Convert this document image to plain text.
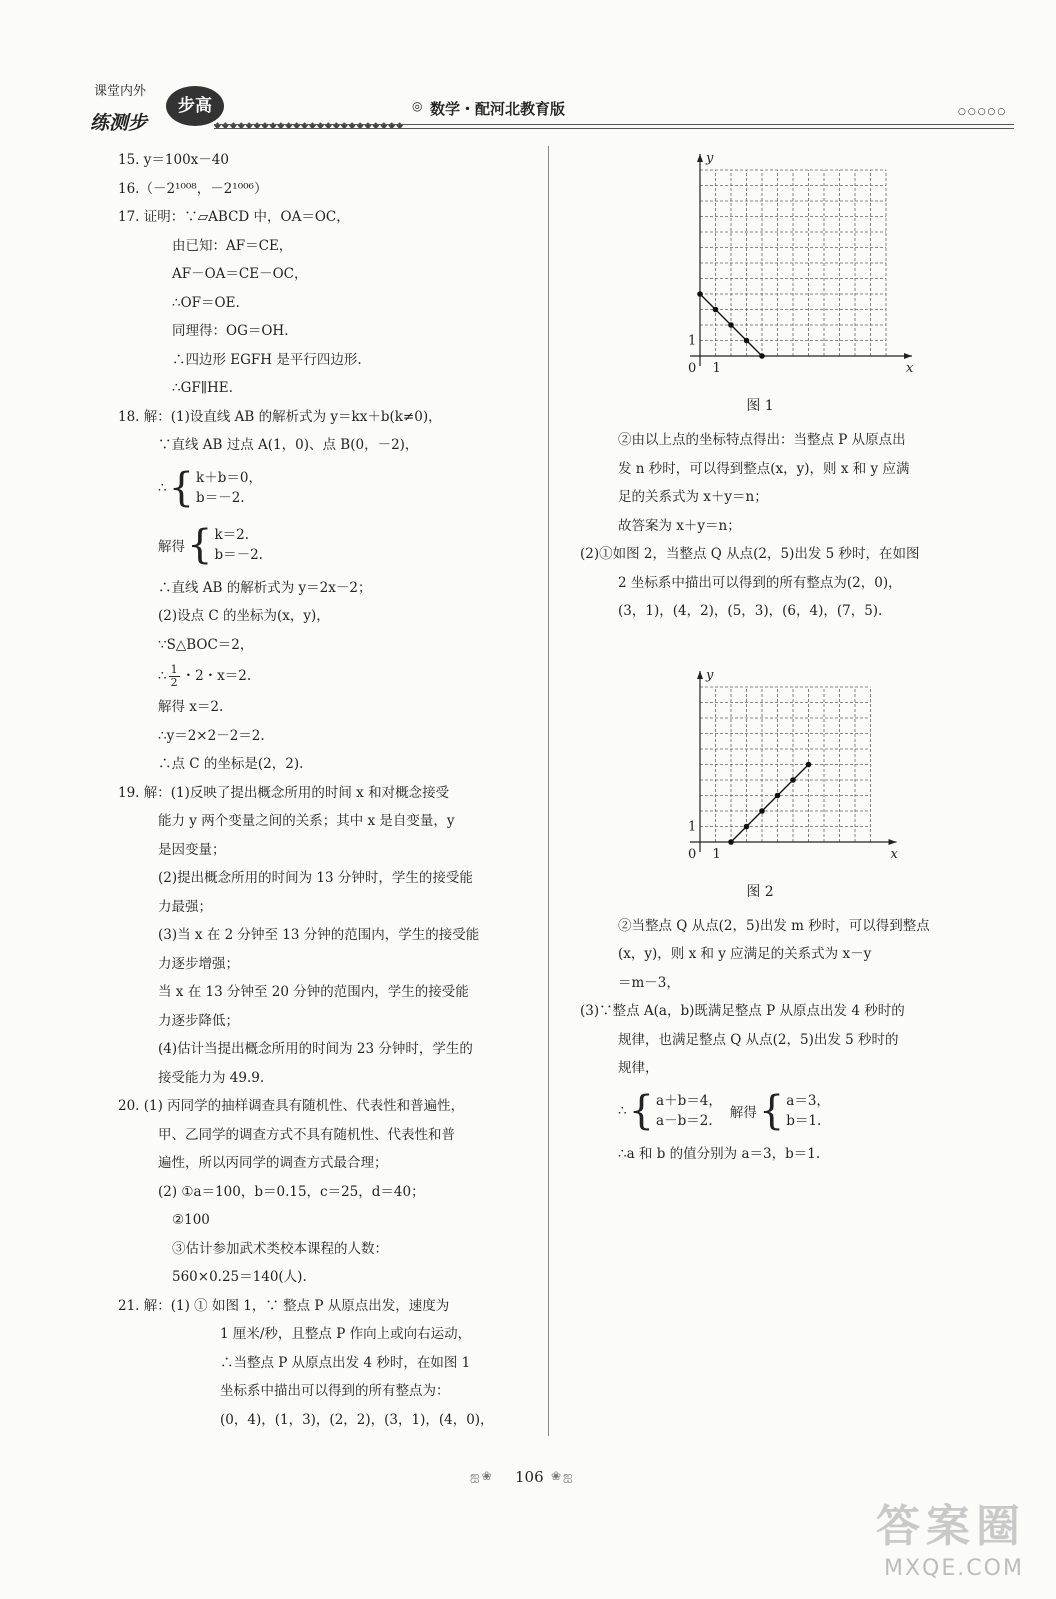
课堂内外
练测步
步高	◎ 数学・配河北教育版	○○○○○
◆◆◆◆◆◆◆◆◆◆◆◆◆◆◆◆◆◆◆◆◆◆◆◆
15. y＝100x－40
16.（－2¹⁰⁰⁸，－2¹⁰⁰⁶）
17. 证明：∵▱ABCD 中，OA＝OC，
由已知：AF＝CE，
AF－OA＝CE－OC，
∴OF＝OE.
同理得：OG＝OH.
∴四边形 EGFH 是平行四边形.
∴GF∥HE.
18. 解：(1)设直线 AB 的解析式为 y＝kx＋b(k≠0)，
∵直线 AB 过点 A(1，0)、点 B(0，－2)，
∴ { k＋b＝0，
b＝－2.
解得 { k＝2.
b＝－2.
∴直线 AB 的解析式为 y＝2x－2；
(2)设点 C 的坐标为(x，y)，
∵S△BOC＝2，
∴ $\frac{1}{2}$ ・2・x＝2.
解得 x＝2.
∴y＝2×2－2＝2.
∴点 C 的坐标是(2，2).
19. 解：(1)反映了提出概念所用的时间 x 和对概念接受
能力 y 两个变量之间的关系；其中 x 是自变量，y
是因变量；
(2)提出概念所用的时间为 13 分钟时，学生的接受能
力最强；
(3)当 x 在 2 分钟至 13 分钟的范围内，学生的接受能
力逐步增强；
当 x 在 13 分钟至 20 分钟的范围内，学生的接受能
力逐步降低；
(4)估计当提出概念所用的时间为 23 分钟时，学生的
接受能力为 49.9.
20. (1) 丙同学的抽样调查具有随机性、代表性和普遍性，
甲、乙同学的调查方式不具有随机性、代表性和普
遍性，所以丙同学的调查方式最合理；
(2) ①a＝100，b＝0.15，c＝25，d＝40；
②100
③估计参加武术类校本课程的人数：
560×0.25＝140(人).
21. 解：(1) ① 如图 1，∵ 整点 P 从原点出发，速度为
1 厘米/秒，且整点 P 作向上或向右运动，
∴当整点 P 从原点出发 4 秒时，在如图 1
坐标系中描出可以得到的所有整点为：
(0，4)，(1，3)，(2，2)，(3，1)，(4，0)，
x
y
0 1
1
图 1
②由以上点的坐标特点得出：当整点 P 从原点出
发 n 秒时，可以得到整点(x，y)，则 x 和 y 应满
足的关系式为 x＋y＝n；
故答案为 x＋y＝n；
(2)①如图 2，当整点 Q 从点(2，5)出发 5 秒时，在如图
2 坐标系中描出可以得到的所有整点为(2，0)，
(3，1)，(4，2)，(5，3)，(6，4)，(7，5).
x
y
0 1
1
图 2
②当整点 Q 从点(2，5)出发 m 秒时，可以得到整点
(x，y)，则 x 和 y 应满足的关系式为 x－y
＝m－3，
(3)∵整点 A(a，b)既满足整点 P 从原点出发 4 秒时的
规律，也满足整点 Q 从点(2，5)出发 5 秒时的
规律，
∴ { a＋b＝4，
a－b＝2.	解得 { a＝3，
b＝1.
∴a 和 b 的值分别为 a＝3，b＝1.
ஐ❀ 106 ❀ஐ
答案圈
MXQE.COM
